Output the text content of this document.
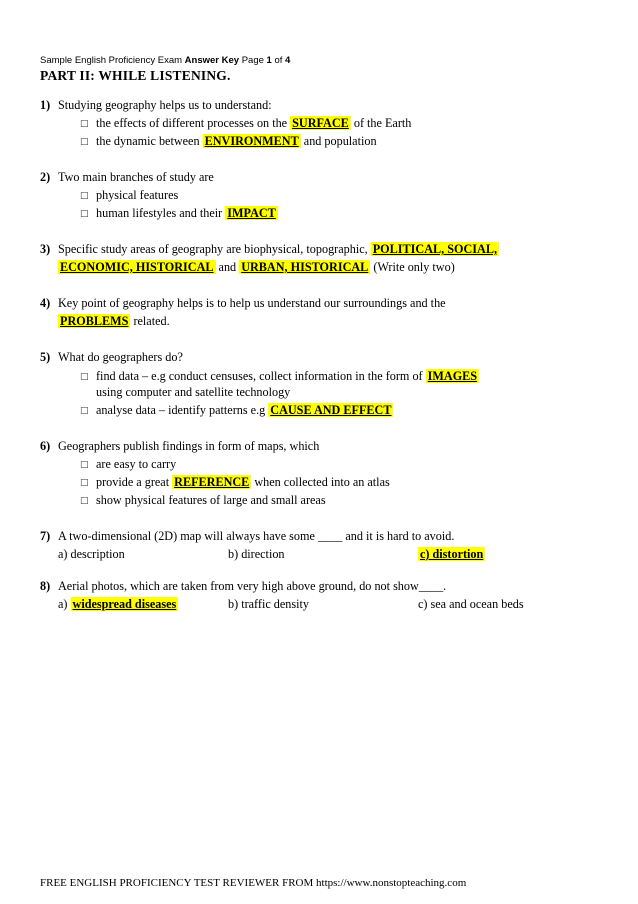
Sample English Proficiency Exam Answer Key Page 1 of 4
PART II: WHILE LISTENING.
1) Studying geography helps us to understand:
□ the effects of different processes on the SURFACE of the Earth
□ the dynamic between ENVIRONMENT and population
2) Two main branches of study are
□ physical features
□ human lifestyles and their IMPACT
3) Specific study areas of geography are biophysical, topographic, POLITICAL, SOCIAL,
ECONOMIC, HISTORICAL and URBAN, HISTORICAL (Write only two)
4) Key point of geography helps is to help us understand our surroundings and the
PROBLEMS related.
5) What do geographers do?
□ find data – e.g conduct censuses, collect information in the form of IMAGES
using computer and satellite technology
□ analyse data – identify patterns e.g CAUSE AND EFFECT
6) Geographers publish findings in form of maps, which
□ are easy to carry
□ provide a great REFERENCE when collected into an atlas
□ show physical features of large and small areas
7) A two-dimensional (2D) map will always have some ____ and it is hard to avoid.
a) description	b) direction	c) distortion
8) Aerial photos, which are taken from very high above ground, do not show____.
a) widespread diseases	b) traffic density	c) sea and ocean beds
FREE ENGLISH PROFICIENCY TEST REVIEWER FROM https://www.nonstopteaching.com
